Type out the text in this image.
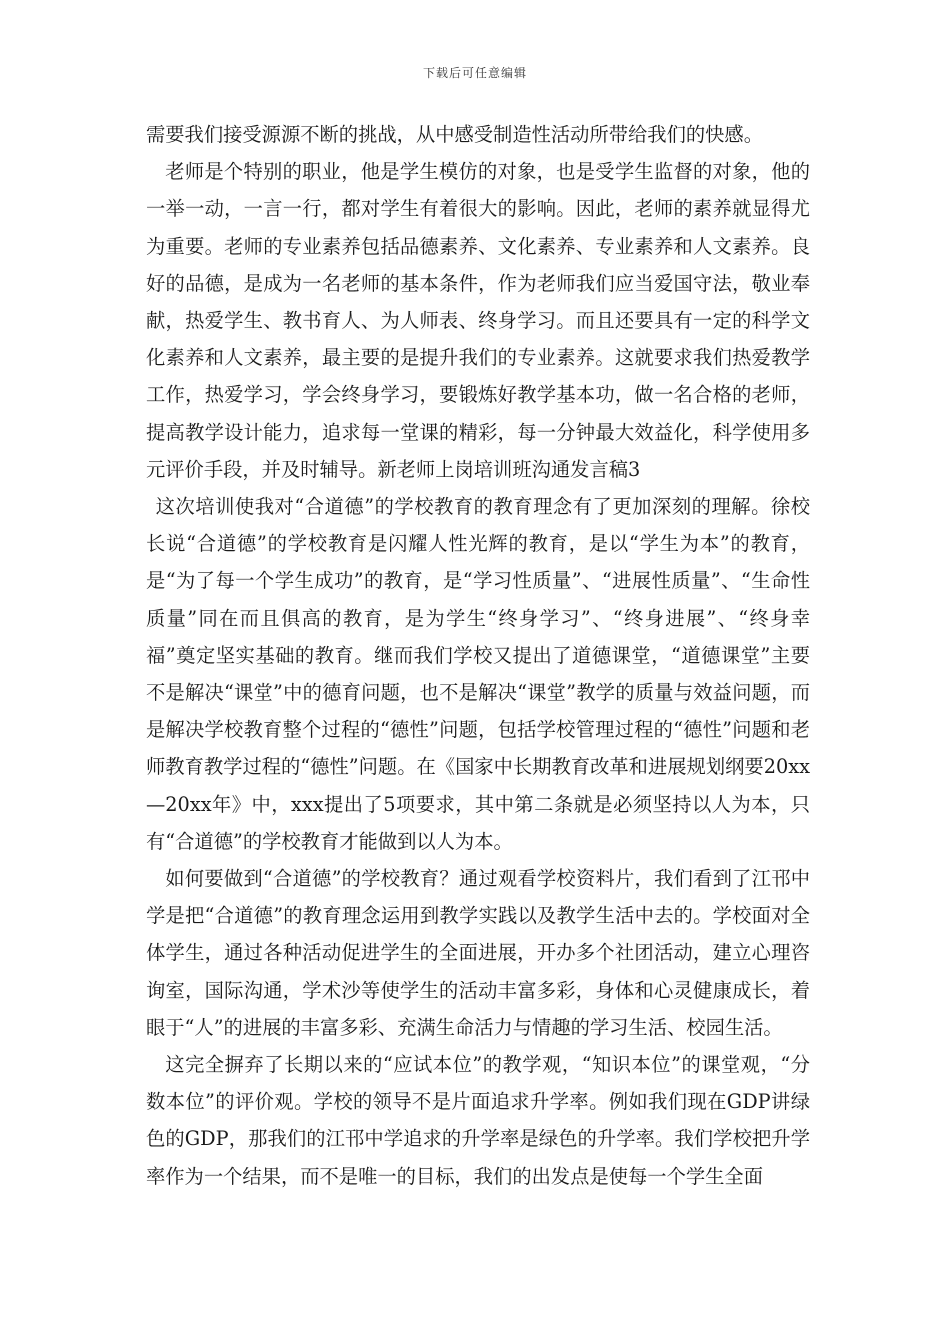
下载后可任意编辑

需要我们接受源源不断的挑战，从中感受制造性活动所带给我们的快感。

老师是个特别的职业，他是学生模仿的对象，也是受学生监督的对象，他的一举一动，一言一行，都对学生有着很大的影响。因此，老师的素养就显得尤为重要。老师的专业素养包括品德素养、文化素养、专业素养和人文素养。良好的品德，是成为一名老师的基本条件，作为老师我们应当爱国守法，敬业奉献，热爱学生、教书育人、为人师表、终身学习。而且还要具有一定的科学文化素养和人文素养，最主要的是提升我们的专业素养。这就要求我们热爱教学工作，热爱学习，学会终身学习，要锻炼好教学基本功，做一名合格的老师，提高教学设计能力，追求每一堂课的精彩，每一分钟最大效益化，科学使用多元评价手段，并及时辅导。新老师上岗培训班沟通发言稿3

这次培训使我对“合道德”的学校教育的教育理念有了更加深刻的理解。徐校长说“合道德”的学校教育是闪耀人性光辉的教育，是以“学生为本”的教育，是“为了每一个学生成功”的教育，是“学习性质量”、“进展性质量”、“生命性质量”同在而且俱高的教育，是为学生“终身学习”、“终身进展”、“终身幸福”奠定坚实基础的教育。继而我们学校又提出了道德课堂，“道德课堂”主要不是解决“课堂”中的德育问题，也不是解决“课堂”教学的质量与效益问题，而是解决学校教育整个过程的“德性”问题，包括学校管理过程的“德性”问题和老师教育教学过程的“德性”问题。在《国家中长期教育改革和进展规划纲要20xx—20xx年》中，xxx提出了5项要求，其中第二条就是必须坚持以人为本，只有“合道德”的学校教育才能做到以人为本。

如何要做到“合道德”的学校教育？通过观看学校资料片，我们看到了江邗中学是把“合道德”的教育理念运用到教学实践以及教学生活中去的。学校面对全体学生，通过各种活动促进学生的全面进展，开办多个社团活动，建立心理咨询室，国际沟通，学术沙等使学生的活动丰富多彩，身体和心灵健康成长，着眼于“人”的进展的丰富多彩、充满生命活力与情趣的学习生活、校园生活。

这完全摒弃了长期以来的“应试本位”的教学观，“知识本位”的课堂观，“分数本位”的评价观。学校的领导不是片面追求升学率。例如我们现在GDP讲绿色的GDP，那我们的江邗中学追求的升学率是绿色的升学率。我们学校把升学率作为一个结果，而不是唯一的目标，我们的出发点是使每一个学生全面
